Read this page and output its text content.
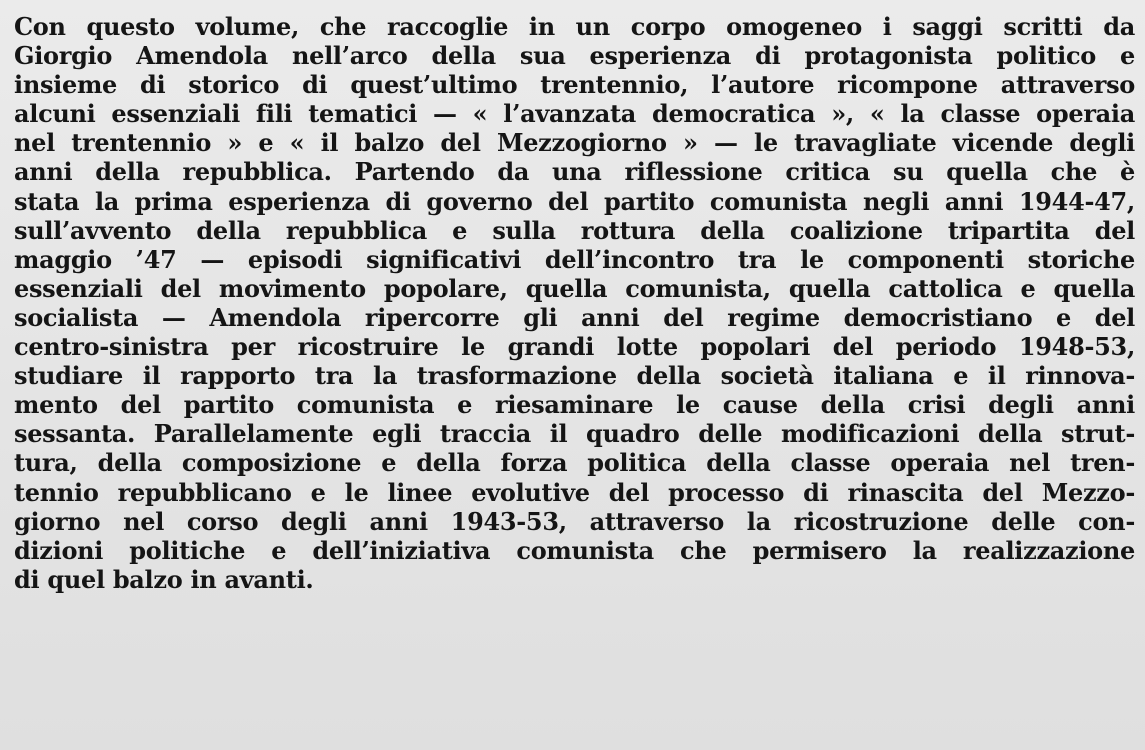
Con questo volume, che raccoglie in un corpo omogeneo i saggi scritti da
Giorgio Amendola nell’arco della sua esperienza di protagonista politico e
insieme di storico di quest’ultimo trentennio, l’autore ricompone attraverso
alcuni essenziali fili tematici — « l’avanzata democratica », « la classe operaia
nel trentennio » e « il balzo del Mezzogiorno » — le travagliate vicende degli
anni della repubblica. Partendo da una riflessione critica su quella che è
stata la prima esperienza di governo del partito comunista negli anni 1944-47,
sull’avvento della repubblica e sulla rottura della coalizione tripartita del
maggio ’47 — episodi significativi dell’incontro tra le componenti storiche
essenziali del movimento popolare, quella comunista, quella cattolica e quella
socialista — Amendola ripercorre gli anni del regime democristiano e del
centro-sinistra per ricostruire le grandi lotte popolari del periodo 1948-53,
studiare il rapporto tra la trasformazione della società italiana e il rinnova-
mento del partito comunista e riesaminare le cause della crisi degli anni
sessanta. Parallelamente egli traccia il quadro delle modificazioni della strut-
tura, della composizione e della forza politica della classe operaia nel tren-
tennio repubblicano e le linee evolutive del processo di rinascita del Mezzo-
giorno nel corso degli anni 1943-53, attraverso la ricostruzione delle con-
dizioni politiche e dell’iniziativa comunista che permisero la realizzazione
di quel balzo in avanti.
